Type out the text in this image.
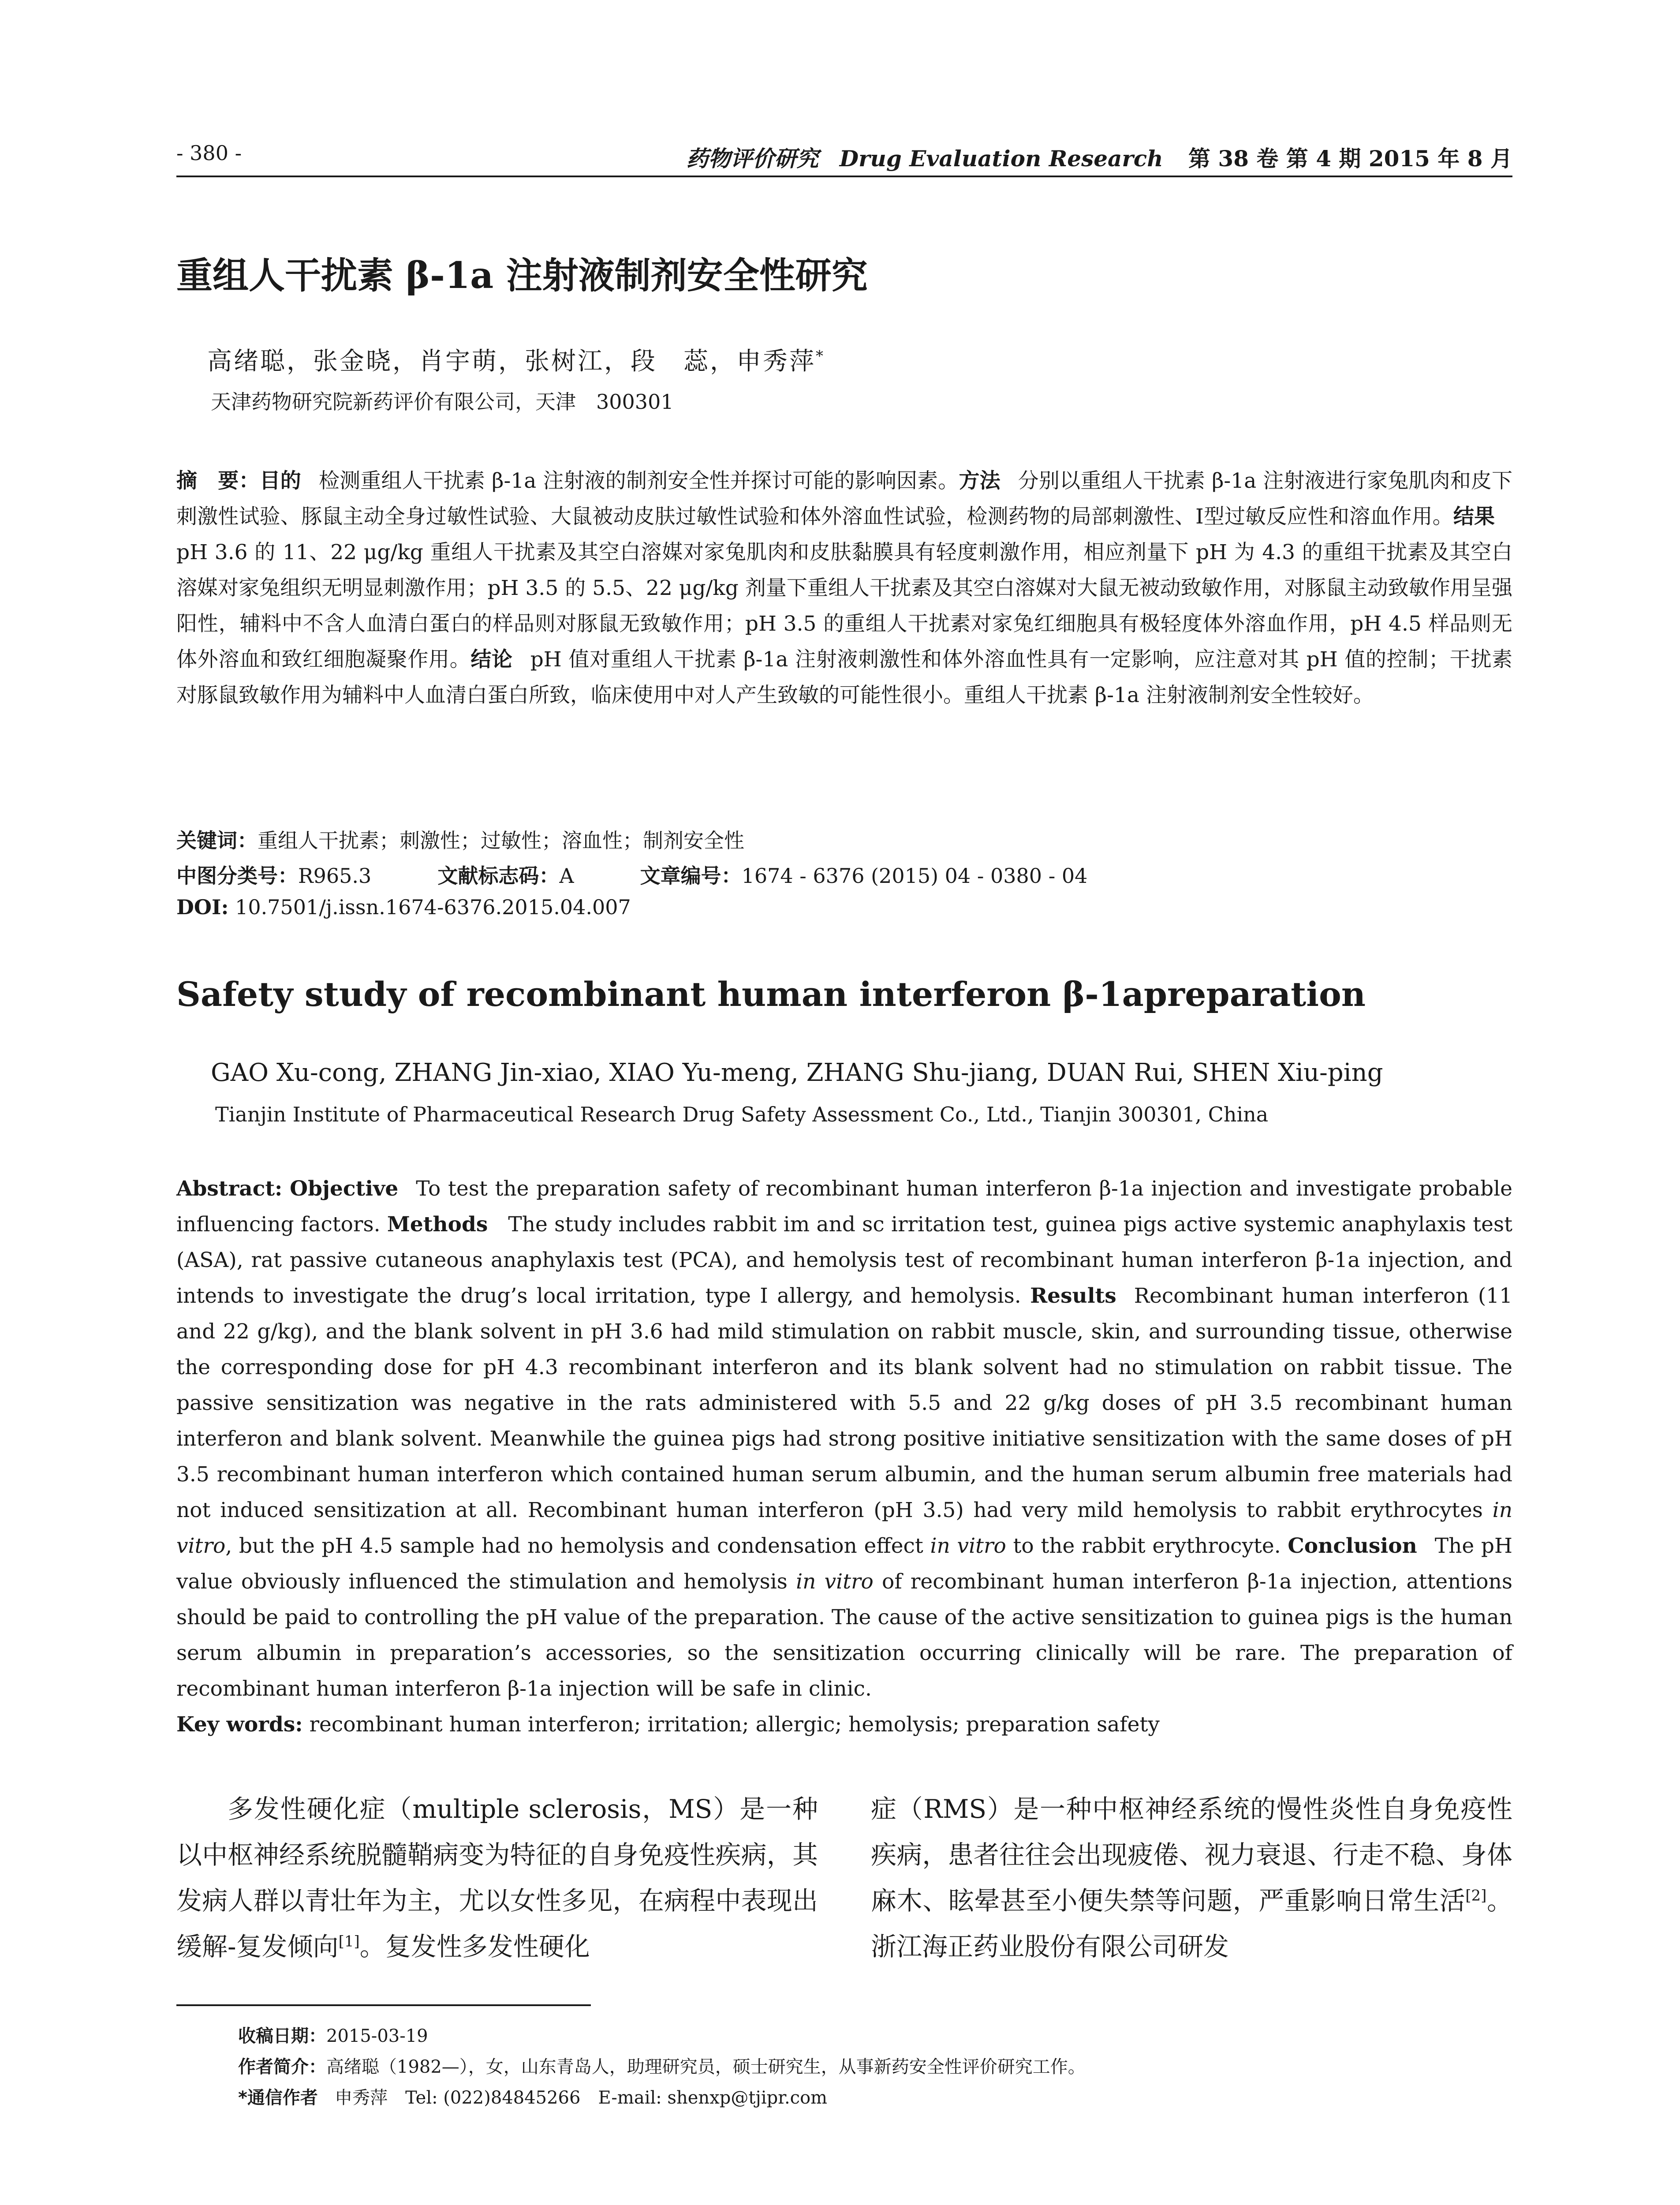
- 380 -	药物评价研究 Drug Evaluation Research 第 38 卷 第 4 期 2015 年 8 月
重组人干扰素 β-1a 注射液制剂安全性研究
高绪聪，张金晓，肖宇萌，张树江，段　蕊，申秀萍*
天津药物研究院新药评价有限公司，天津　300301
摘　要：目的 检测重组人干扰素 β-1a 注射液的制剂安全性并探讨可能的影响因素。方法 分别以重组人干扰素 β-1a 注射液进行家兔肌肉和皮下刺激性试验、豚鼠主动全身过敏性试验、大鼠被动皮肤过敏性试验和体外溶血性试验，检测药物的局部刺激性、Ⅰ型过敏反应性和溶血作用。结果pH 3.6 的 11、22 μg/kg 重组人干扰素及其空白溶媒对家兔肌肉和皮肤黏膜具有轻度刺激作用，相应剂量下 pH 为 4.3 的重组干扰素及其空白溶媒对家兔组织无明显刺激作用；pH 3.5 的 5.5、22 μg/kg 剂量下重组人干扰素及其空白溶媒对大鼠无被动致敏作用，对豚鼠主动致敏作用呈强阳性，辅料中不含人血清白蛋白的样品则对豚鼠无致敏作用；pH 3.5 的重组人干扰素对家兔红细胞具有极轻度体外溶血作用，pH 4.5 样品则无体外溶血和致红细胞凝聚作用。结论 pH 值对重组人干扰素 β-1a 注射液刺激性和体外溶血性具有一定影响，应注意对其 pH 值的控制；干扰素对豚鼠致敏作用为辅料中人血清白蛋白所致，临床使用中对人产生致敏的可能性很小。重组人干扰素 β-1a 注射液制剂安全性较好。
关键词：重组人干扰素；刺激性；过敏性；溶血性；制剂安全性
中图分类号：R965.3	文献标志码：A	文章编号：1674 - 6376 (2015) 04 - 0380 - 04
DOI: 10.7501/j.issn.1674-6376.2015.04.007
Safety study of recombinant human interferon β-1apreparation
GAO Xu-cong, ZHANG Jin-xiao, XIAO Yu-meng, ZHANG Shu-jiang, DUAN Rui, SHEN Xiu-ping
Tianjin Institute of Pharmaceutical Research Drug Safety Assessment Co., Ltd., Tianjin 300301, China
Abstract: Objective To test the preparation safety of recombinant human interferon β-1a injection and investigate probable influencing factors. Methods The study includes rabbit im and sc irritation test, guinea pigs active systemic anaphylaxis test (ASA), rat passive cutaneous anaphylaxis test (PCA), and hemolysis test of recombinant human interferon β-1a injection, and intends to investigate the drug’s local irritation, type I allergy, and hemolysis. Results Recombinant human interferon (11 and 22 g/kg), and the blank solvent in pH 3.6 had mild stimulation on rabbit muscle, skin, and surrounding tissue, otherwise the corresponding dose for pH 4.3 recombinant interferon and its blank solvent had no stimulation on rabbit tissue. The passive sensitization was negative in the rats administered with 5.5 and 22 g/kg doses of pH 3.5 recombinant human interferon and blank solvent. Meanwhile the guinea pigs had strong positive initiative sensitization with the same doses of pH 3.5 recombinant human interferon which contained human serum albumin, and the human serum albumin free materials had not induced sensitization at all. Recombinant human interferon (pH 3.5) had very mild hemolysis to rabbit erythrocytes in vitro, but the pH 4.5 sample had no hemolysis and condensation effect in vitro to the rabbit erythrocyte. Conclusion The pH value obviously influenced the stimulation and hemolysis in vitro of recombinant human interferon β-1a injection, attentions should be paid to controlling the pH value of the preparation. The cause of the active sensitization to guinea pigs is the human serum albumin in preparation’s accessories, so the sensitization occurring clinically will be rare. The preparation of recombinant human interferon β-1a injection will be safe in clinic.
Key words: recombinant human interferon; irritation; allergic; hemolysis; preparation safety
多发性硬化症（multiple sclerosis，MS）是一种以中枢神经系统脱髓鞘病变为特征的自身免疫性疾病，其发病人群以青壮年为主，尤以女性多见，在病程中表现出缓解-复发倾向[1]。复发性多发性硬化
症（RMS）是一种中枢神经系统的慢性炎性自身免疫性疾病，患者往往会出现疲倦、视力衰退、行走不稳、身体麻木、眩晕甚至小便失禁等问题，严重影响日常生活[2]。浙江海正药业股份有限公司研发
收稿日期：2015-03-19
作者简介：高绪聪（1982—），女，山东青岛人，助理研究员，硕士研究生，从事新药安全性评价研究工作。
*通信作者 申秀萍　Tel: (022)84845266　E-mail: shenxp@tjipr.com
